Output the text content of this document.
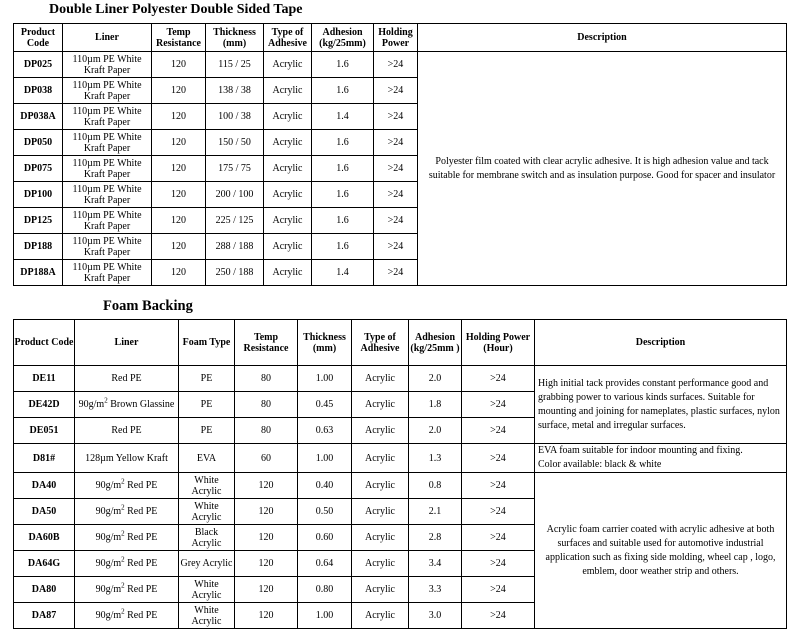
Double Liner Polyester Double Sided Tape
Product Code	Liner	Temp Resistance	Thickness (mm)	Type of Adhesive	Adhesion (kg/25mm)	Holding Power	Description
DP025	110µm PE White Kraft Paper	120	115 / 25	Acrylic	1.6	>24	Polyester film coated with clear acrylic adhesive. It is high adhesion value and tack suitable for membrane switch and as insulation purpose. Good for spacer and insulator
DP038	110µm PE White Kraft Paper	120	138 / 38	Acrylic	1.6	>24	
DP038A	110µm PE White Kraft Paper	120	100 / 38	Acrylic	1.4	>24	
DP050	110µm PE White Kraft Paper	120	150 / 50	Acrylic	1.6	>24	
DP075	110µm PE White Kraft Paper	120	175 / 75	Acrylic	1.6	>24	
DP100	110µm PE White Kraft Paper	120	200 / 100	Acrylic	1.6	>24	
DP125	110µm PE White Kraft Paper	120	225 / 125	Acrylic	1.6	>24	
DP188	110µm PE White Kraft Paper	120	288 / 188	Acrylic	1.6	>24	
DP188A	110µm PE White Kraft Paper	120	250 / 188	Acrylic	1.4	>24	
Foam Backing
Product Code	Liner	Foam Type	Temp Resistance	Thickness (mm)	Type of Adhesive	Adhesion (kg/25mm )	Holding Power (Hour)	Description
DE11	Red PE	PE	80	1.00	Acrylic	2.0	>24	High initial tack provides constant performance good and grabbing power to various kinds surfaces. Suitable for mounting and joining for nameplates, plastic surfaces, nylon surface, metal and irregular surfaces.
DE42D	$90g/m^2$ Brown Glassine	PE	80	0.45	Acrylic	1.8	>24	
DE051	Red PE	PE	80	0.63	Acrylic	2.0	>24	
D81#	128µm Yellow Kraft	EVA	60	1.00	Acrylic	1.3	>24	EVA foam suitable for indoor mounting and fixing.
Color available: black & white

DA40	$90g/m^2$ Red PE	White Acrylic	120	0.40	Acrylic	0.8	>24	Acrylic foam carrier coated with acrylic adhesive at both surfaces and suitable used for automotive industrial application such as fixing side molding, wheel cap , logo, emblem, door weather strip and others.
DA50	$90g/m^2$ Red PE	White Acrylic	120	0.50	Acrylic	2.1	>24	
DA60B	$90g/m^2$ Red PE	Black Acrylic	120	0.60	Acrylic	2.8	>24	
DA64G	$90g/m^2$ Red PE	Grey Acrylic	120	0.64	Acrylic	3.4	>24	
DA80	$90g/m^2$ Red PE	White Acrylic	120	0.80	Acrylic	3.3	>24	
DA87	$90g/m^2$ Red PE	White Acrylic	120	1.00	Acrylic	3.0	>24	
